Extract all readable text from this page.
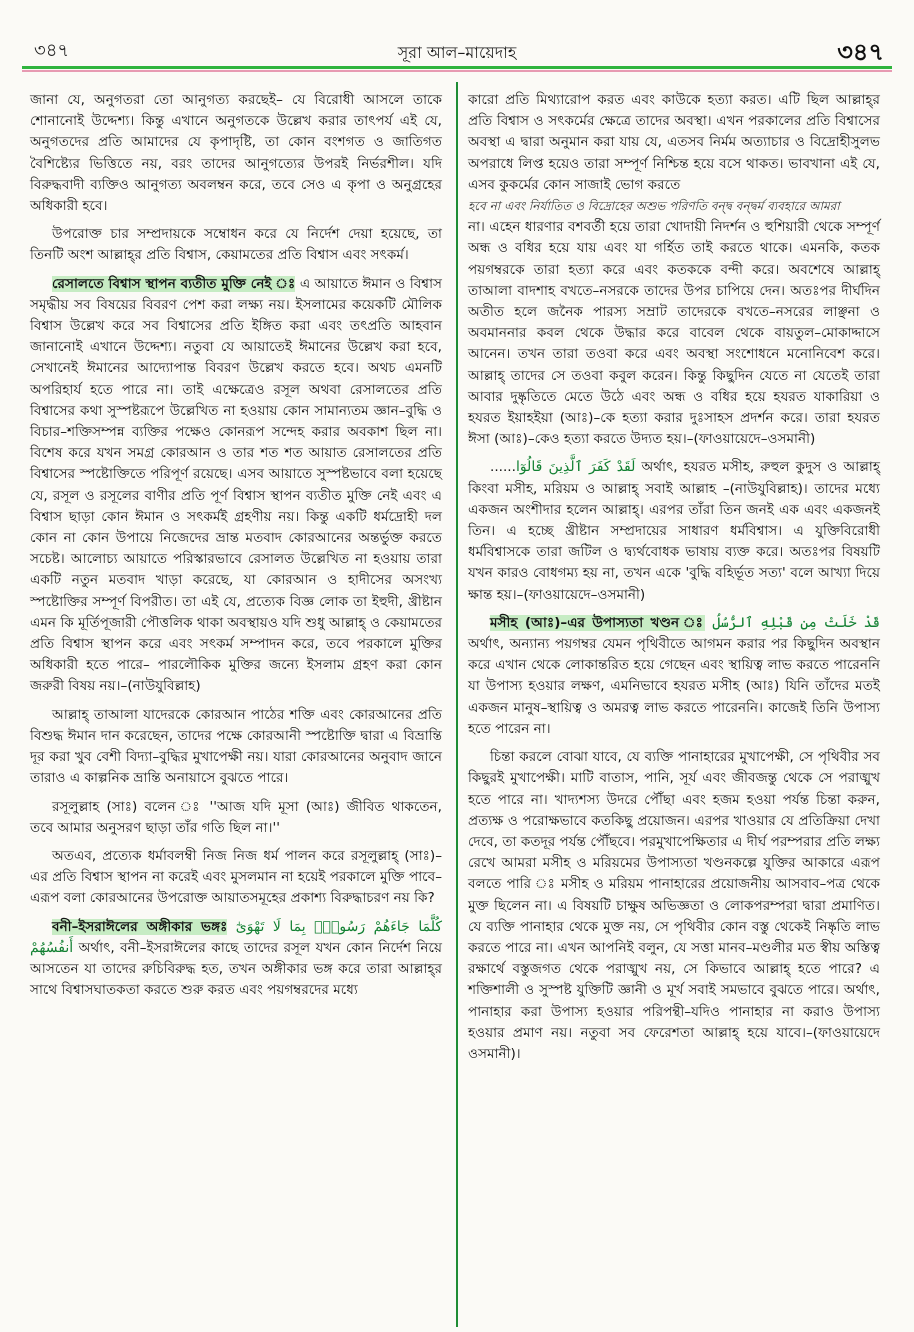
৩৪৭	সূরা আল–মায়েদাহ	৩৪৭

জানা যে, অনুগতরা তো আনুগত্য করছেই– যে বিরোধী আসলে তাকে শোনানোই উদ্দেশ্য। কিন্তু এখানে অনুগতকে উল্লেখ করার তাৎপর্য এই যে, অনুগতদের প্রতি আমাদের যে কৃপাদৃষ্টি, তা কোন বংশগত ও জাতিগত বৈশিষ্ট্যের ভিত্তিতে নয়, বরং তাদের আনুগত্যের উপরই নির্ভরশীল। যদি বিরুদ্ধবাদী ব্যক্তিও আনুগত্য অবলম্বন করে, তবে সেও এ কৃপা ও অনুগ্রহের অধিকারী হবে।

উপরোক্ত চার সম্প্রদায়কে সম্বোধন করে যে নির্দেশ দেয়া হয়েছে, তা তিনটি অংশ আল্লাহ্‌র প্রতি বিশ্বাস, কেয়ামতের প্রতি বিশ্বাস এবং সৎকর্ম।

রেসালতে বিশ্বাস স্থাপন ব্যতীত মুক্তি নেই ঃ এ আয়াতে ঈমান ও বিশ্বাস সমৃদ্ধীয় সব বিষয়ের বিবরণ পেশ করা লক্ষ্য নয়। ইসলামের কয়েকটি মৌলিক বিশ্বাস উল্লেখ করে সব বিশ্বাসের প্রতি ইঙ্গিত করা এবং তৎপ্রতি আহবান জানানোই এখানে উদ্দেশ্য। নতুবা যে আয়াতেই ঈমানের উল্লেখ করা হবে, সেখানেই ঈমানের আদ্যোপান্ত বিবরণ উল্লেখ করতে হবে। অথচ এমনটি অপরিহার্য হতে পারে না। তাই এক্ষেত্রেও রসূল অথবা রেসালতের প্রতি বিশ্বাসের কথা সুস্পষ্টরূপে উল্লেখিত না হওয়ায় কোন সামান্যতম জ্ঞান–বুদ্ধি ও বিচার–শক্তিসম্পন্ন ব্যক্তির পক্ষেও কোনরূপ সন্দেহ করার অবকাশ ছিল না। বিশেষ করে যখন সমগ্র কোরআন ও তার শত শত আয়াত রেসালতের প্রতি বিশ্বাসের স্পষ্টোক্তিতে পরিপূর্ণ রয়েছে। এসব আয়াতে সুস্পষ্টভাবে বলা হয়েছে যে, রসূল ও রসূলের বাণীর প্রতি পূর্ণ বিশ্বাস স্থাপন ব্যতীত মুক্তি নেই এবং এ বিশ্বাস ছাড়া কোন ঈমান ও সৎকর্মই গ্রহণীয় নয়। কিন্তু একটি ধর্মদ্রোহী দল কোন না কোন উপায়ে নিজেদের ভ্রান্ত মতবাদ কোরআনের অন্তর্ভুক্ত করতে সচেষ্ট। আলোচ্য আয়াতে পরিস্কারভাবে রেসালত উল্লেখিত না হওয়ায় তারা একটি নতুন মতবাদ খাড়া করেছে, যা কোরআন ও হাদীসের অসংখ্য স্পষ্টোক্তির সম্পূর্ণ বিপরীত। তা এই যে, প্রত্যেক বিজ্ঞ লোক তা ইহুদী, খ্রীষ্টান এমন কি মূর্তিপূজারী পৌত্তলিক থাকা অবস্থায়ও যদি শুধু আল্লাহ্‌ ও কেয়ামতের প্রতি বিশ্বাস স্থাপন করে এবং সৎকর্ম সম্পাদন করে, তবে পরকালে মুক্তির অধিকারী হতে পারে– পারলৌকিক মুক্তির জন্যে ইসলাম গ্রহণ করা কোন জরুরী বিষয় নয়।–(নাউযুবিল্লাহ)

আল্লাহ্‌ তাআলা যাদেরকে কোরআন পাঠের শক্তি এবং কোরআনের প্রতি বিশুদ্ধ ঈমান দান করেছেন, তাদের পক্ষে কোরআনী স্পষ্টোক্তি দ্বারা এ বিভ্রান্তি দূর করা খুব বেশী বিদ্যা–বুদ্ধির মুখাপেক্ষী নয়। যারা কোরআনের অনুবাদ জানে তারাও এ কাল্পনিক ভ্রান্তি অনায়াসে বুঝতে পারে।

রসূলুল্লাহ (সাঃ) বলেন ঃ ''আজ যদি মূসা (আঃ) জীবিত থাকতেন, তবে আমার অনুসরণ ছাড়া তাঁর গতি ছিল না।''

অতএব, প্রত্যেক ধর্মাবলম্বী নিজ নিজ ধর্ম পালন করে রসূলুল্লাহ্‌ (সাঃ)–এর প্রতি বিশ্বাস স্থাপন না করেই এবং মুসলমান না হয়েই পরকালে মুক্তি পাবে–এরূপ বলা কোরআনের উপরোক্ত আয়াতসমূহের প্রকাশ্য বিরুদ্ধাচরণ নয় কি?

বনী–ইসরাঈলের অঙ্গীকার ভঙ্গঃ كُلَّمَا جَاءَهُمْ رَسُولٌۢ بِمَا لَا تَهْوَىٰٓ أَنفُسُهُمْ অর্থাৎ, বনী–ইসরাঈলের কাছে তাদের রসূল যখন কোন নির্দেশ নিয়ে আসতেন যা তাদের রুচিবিরুদ্ধ হত, তখন অঙ্গীকার ভঙ্গ করে তারা আল্লাহ্‌র সাথে বিশ্বাসঘাতকতা করতে শুরু করত এবং পয়গম্বরদের মধ্যে

কারো প্রতি মিথ্যারোপ করত এবং কাউকে হত্যা করত। এটি ছিল আল্লাহ্‌র প্রতি বিশ্বাস ও সৎকর্মের ক্ষেত্রে তাদের অবস্থা। এখন পরকালের প্রতি বিশ্বাসের অবস্থা এ দ্বারা অনুমান করা যায় যে, এতসব নির্মম অত্যাচার ও বিদ্রোহীসুলভ অপরাধে লিপ্ত হয়েও তারা সম্পূর্ণ নিশ্চিন্ত হয়ে বসে থাকত। ভাবখানা এই যে, এসব কুকর্মের কোন সাজাই ভোগ করতে
হবে না এবং নিৰ্যাতিত ও বিদ্রোহের অশুভ পরিণতি বন্দ্ব বন্দ্বর্ম ব্যবহারে আমরা
না। এহেন ধারণার বশবর্তী হয়ে তারা খোদায়ী নিদর্শন ও হুশিয়ারী থেকে সম্পূর্ণ অন্ধ ও বধির হয়ে যায় এবং যা গর্হিত তাই করতে থাকে। এমনকি, কতক পয়গম্বরকে তারা হত্যা করে এবং কতককে বন্দী করে। অবশেষে আল্লাহ্‌ তাআলা বাদশাহ বখতে–নসরকে তাদের উপর চাপিয়ে দেন। অতঃপর দীর্ঘদিন অতীত হলে জনৈক পারস্য সম্রাট তাদেরকে বখতে–নসরের লাঞ্ছনা ও অবমাননার কবল থেকে উদ্ধার করে বাবেল থেকে বায়তুল–মোকাদ্দাসে আনেন। তখন তারা তওবা করে এবং অবস্থা সংশোধনে মনোনিবেশ করে। আল্লাহ্‌ তাদের সে তওবা কবুল করেন। কিন্তু কিছুদিন যেতে না যেতেই তারা আবার দুষ্কৃতিতে মেতে উঠে এবং অন্ধ ও বধির হয়ে হযরত যাকারিয়া ও হযরত ইয়াহইয়া (আঃ)–কে হত্যা করার দুঃসাহস প্রদর্শন করে। তারা হযরত ঈসা (আঃ)–কেও হত্যা করতে উদ্যত হয়।–(ফাওয়ায়েদে–ওসমানী)

......لَقَدْ كَفَرَ ٱلَّذِينَ قَالُوٓا অর্থাৎ, হযরত মসীহ, রুহুল কুদুস ও আল্লাহ্‌ কিংবা মসীহ, মরিয়ম ও আল্লাহ্‌ সবাই আল্লাহ –(নাউযুবিল্লাহ)। তাদের মধ্যে একজন অংশীদার হলেন আল্লাহ্‌। এরপর তাঁরা তিন জনই এক এবং একজনই তিন। এ হচ্ছে খ্রীষ্টান সম্প্রদায়ের সাধারণ ধর্মবিশ্বাস। এ যুক্তিবিরোধী ধর্মবিশ্বাসকে তারা জটিল ও দ্ব্যর্থবোধক ভাষায় ব্যক্ত করে। অতঃপর বিষয়টি যখন কারও বোধগম্য হয় না, তখন একে 'বুদ্ধি বহির্ভূত সত্য' বলে আখ্যা দিয়ে ক্ষান্ত হয়।–(ফাওয়ায়েদে–ওসমানী)

মসীহ (আঃ)–এর উপাস্যতা খণ্ডন ঃ قَدْ خَلَتْ مِن قَبْلِهِ ٱلرُّسُلُ অর্থাৎ, অন্যান্য পয়গম্বর যেমন পৃথিবীতে আগমন করার পর কিছুদিন অবস্থান করে এখান থেকে লোকান্তরিত হয়ে গেছেন এবং স্থায়িত্ব লাভ করতে পারেননি যা উপাস্য হওয়ার লক্ষণ, এমনিভাবে হযরত মসীহ (আঃ) যিনি তাঁদের মতই একজন মানুষ–স্থায়িত্ব ও অমরত্ব লাভ করতে পারেননি। কাজেই তিনি উপাস্য হতে পারেন না।

চিন্তা করলে বোঝা যাবে, যে ব্যক্তি পানাহারের মুখাপেক্ষী, সে পৃথিবীর সব কিছুরই মুখাপেক্ষী। মাটি বাতাস, পানি, সূর্য এবং জীবজন্তু থেকে সে পরাঙ্মুখ হতে পারে না। খাদ্যশস্য উদরে পৌঁছা এবং হজম হওয়া পর্যন্ত চিন্তা করুন, প্রত্যক্ষ ও পরোক্ষভাবে কতকিছু প্রয়োজন। এরপর খাওয়ার যে প্রতিক্রিয়া দেখা দেবে, তা কতদূর পর্যন্ত পৌঁছবে। পরমুখাপেক্ষিতার এ দীর্ঘ পরম্পরার প্রতি লক্ষ্য রেখে আমরা মসীহ ও মরিয়মের উপাস্যতা খণ্ডনকল্পে যুক্তির আকারে এরূপ বলতে পারি ঃ মসীহ ও মরিয়ম পানাহারের প্রয়োজনীয় আসবাব–পত্র থেকে মুক্ত ছিলেন না। এ বিষয়টি চাক্ষুষ অভিজ্ঞতা ও লোকপরম্পরা দ্বারা প্রমাণিত। যে ব্যক্তি পানাহার থেকে মুক্ত নয়, সে পৃথিবীর কোন বস্তু থেকেই নিষ্কৃতি লাভ করতে পারে না। এখন আপনিই বলুন, যে সত্তা মানব–মণ্ডলীর মত স্বীয় অস্তিত্ব রক্ষার্থে বস্তুজগত থেকে পরাঙ্মুখ নয়, সে কিভাবে আল্লাহ্‌ হতে পারে? এ শক্তিশালী ও সুস্পষ্ট যুক্তিটি জ্ঞানী ও মূর্খ সবাই সমভাবে বুঝতে পারে। অর্থাৎ, পানাহার করা উপাস্য হওয়ার পরিপন্থী–যদিও পানাহার না করাও উপাস্য হওয়ার প্রমাণ নয়। নতুবা সব ফেরেশতা আল্লাহ্‌ হয়ে যাবে।–(ফাওয়ায়েদে ওসমানী)।
